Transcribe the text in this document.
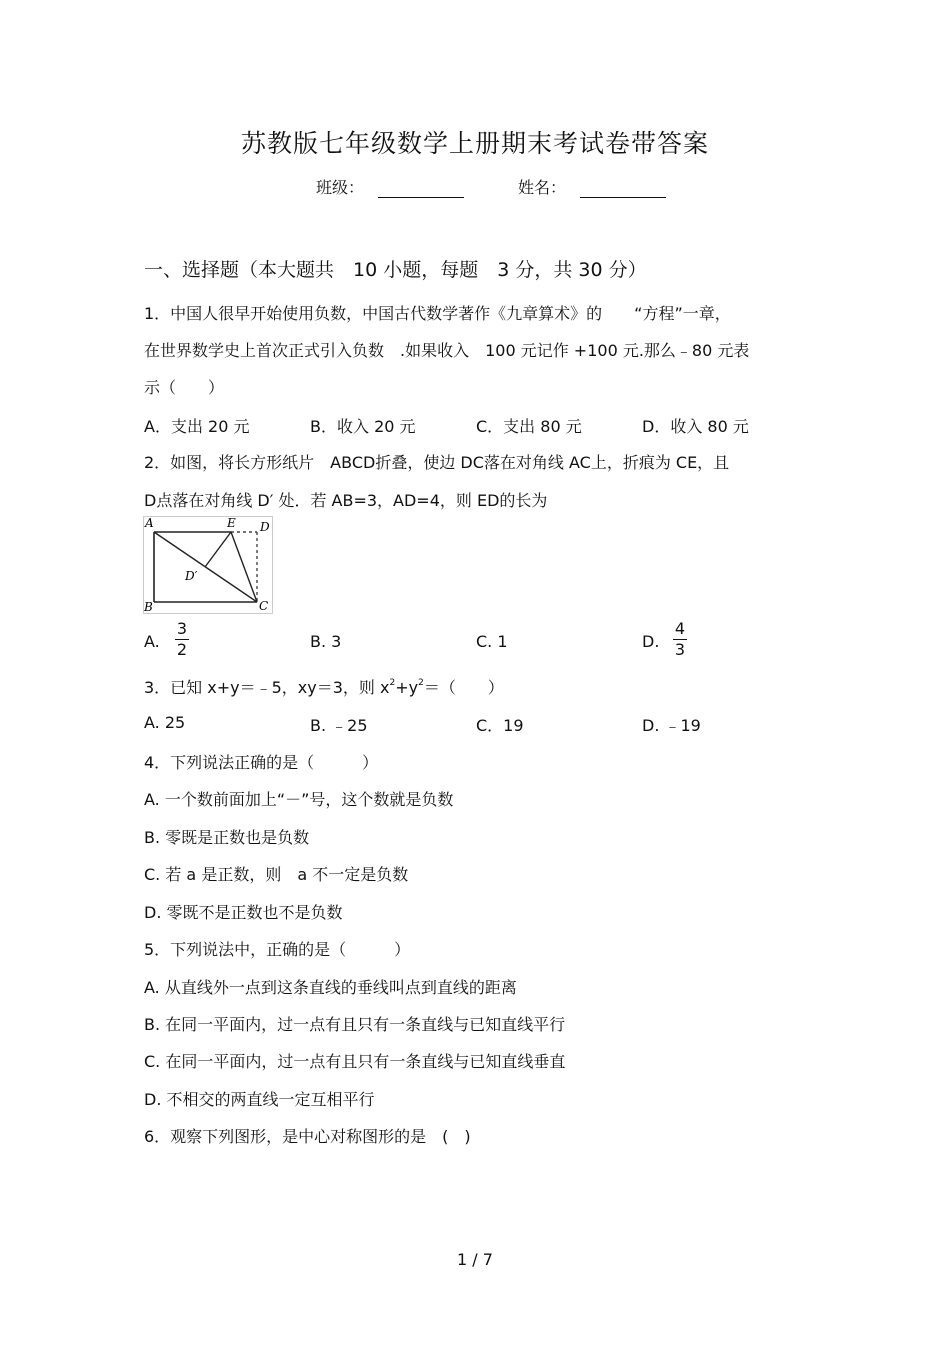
苏教版七年级数学上册期末考试卷带答案
班级：	姓名：
一、选择题（本大题共　10 小题，每题　3 分，共 30 分）
1．中国人很早开始使用负数，中国古代数学著作《九章算术》的　　“方程”一章，
在世界数学史上首次正式引入负数　.如果收入　100 元记作 +100 元.那么﹣80 元表
示（　　）
A．支出 20 元	B．收入 20 元	C．支出 80 元	D．收入 80 元
2．如图，将长方形纸片　ABCD折叠，使边 DC落在对角线 AC上，折痕为 CE，且
D点落在对角线 D′ 处．若 AB=3，AD=4，则 ED的长为
A	E D
D′
B	C
A.
3
2	B. 3	C. 1	D.
4
3
3．已知 x+y＝﹣5，xy＝3，则 $x^2+y^2=$（　　）
A. 25	B. ﹣25	C．19	D. ﹣19
4．下列说法正确的是（　　　）
A. 一个数前面加上“－”号，这个数就是负数
B. 零既是正数也是负数
C. 若 a 是正数，则　a 不一定是负数
D. 零既不是正数也不是负数
5．下列说法中，正确的是（　　　）
A. 从直线外一点到这条直线的垂线叫点到直线的距离
B. 在同一平面内，过一点有且只有一条直线与已知直线平行
C. 在同一平面内，过一点有且只有一条直线与已知直线垂直
D. 不相交的两直线一定互相平行
6．观察下列图形，是中心对称图形的是　(　)
1 / 7
